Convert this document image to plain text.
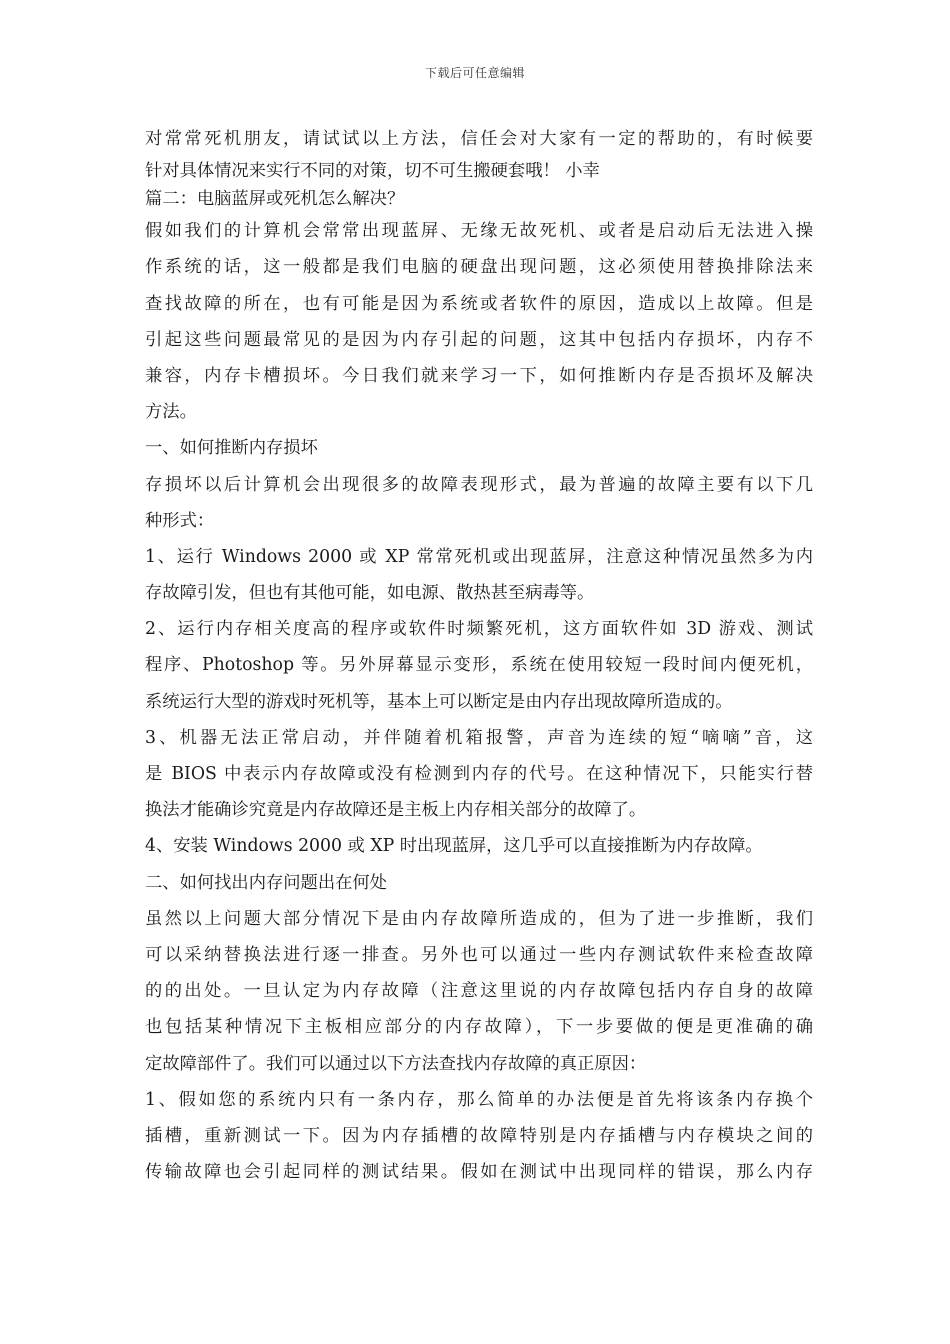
下载后可任意编辑
对常常死机朋友，请试试以上方法，信任会对大家有一定的帮助的，有时候要
针对具体情况来实行不同的对策，切不可生搬硬套哦！ 小幸
篇二：电脑蓝屏或死机怎么解决？
假如我们的计算机会常常出现蓝屏、无缘无故死机、或者是启动后无法进入操
作系统的话，这一般都是我们电脑的硬盘出现问题，这必须使用替换排除法来
查找故障的所在，也有可能是因为系统或者软件的原因，造成以上故障。但是
引起这些问题最常见的是因为内存引起的问题，这其中包括内存损坏，内存不
兼容，内存卡槽损坏。今日我们就来学习一下，如何推断内存是否损坏及解决
方法。
一、如何推断内存损坏
存损坏以后计算机会出现很多的故障表现形式，最为普遍的故障主要有以下几
种形式：
1、运行 Windows 2000 或 XP 常常死机或出现蓝屏，注意这种情况虽然多为内
存故障引发，但也有其他可能，如电源、散热甚至病毒等。
2、运行内存相关度高的程序或软件时频繁死机，这方面软件如 3D 游戏、测试
程序、Photoshop 等。另外屏幕显示变形，系统在使用较短一段时间内便死机，
系统运行大型的游戏时死机等，基本上可以断定是由内存出现故障所造成的。
3、机器无法正常启动，并伴随着机箱报警，声音为连续的短“嘀嘀”音，这
是 BIOS 中表示内存故障或没有检测到内存的代号。在这种情况下，只能实行替
换法才能确诊究竟是内存故障还是主板上内存相关部分的故障了。
4、安装 Windows 2000 或 XP 时出现蓝屏，这几乎可以直接推断为内存故障。
二、如何找出内存问题出在何处
虽然以上问题大部分情况下是由内存故障所造成的，但为了进一步推断，我们
可以采纳替换法进行逐一排查。另外也可以通过一些内存测试软件来检查故障
的的出处。一旦认定为内存故障（注意这里说的内存故障包括内存自身的故障
也包括某种情况下主板相应部分的内存故障），下一步要做的便是更准确的确
定故障部件了。我们可以通过以下方法查找内存故障的真正原因：
1、假如您的系统内只有一条内存，那么简单的办法便是首先将该条内存换个
插槽，重新测试一下。因为内存插槽的故障特别是内存插槽与内存模块之间的
传输故障也会引起同样的测试结果。假如在测试中出现同样的错误，那么内存
